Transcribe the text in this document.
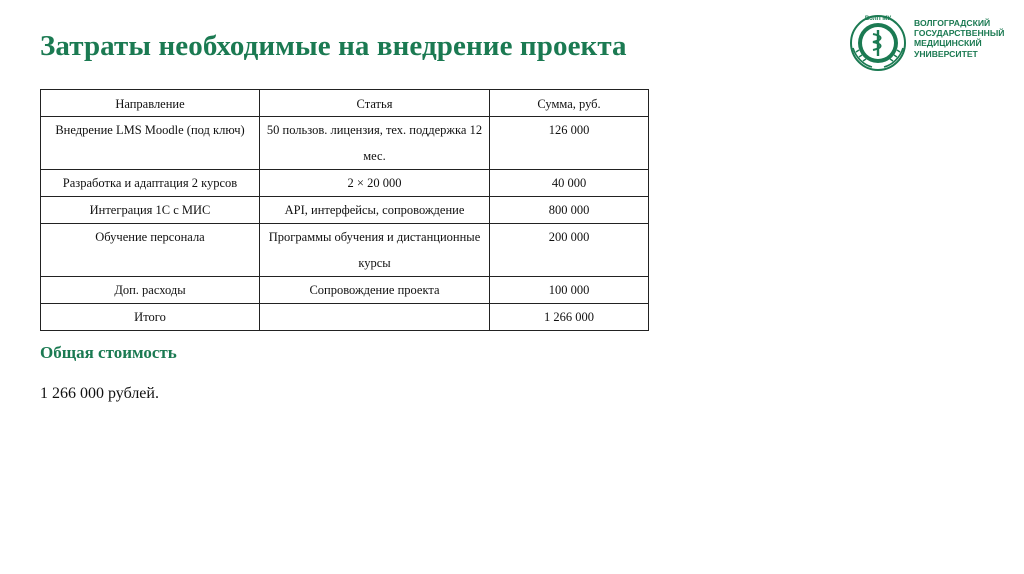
Затраты необходимые на внедрение проекта
ВолгГМУ	ВОЛГОГРАДСКИЙ
ГОСУДАРСТВЕННЫЙ
МЕДИЦИНСКИЙ
УНИВЕРСИТЕТ
Направление	Статья	Сумма, руб.
Внедрение LMS Moodle (под ключ)	50 пользов. лицензия, тех. поддержка 12 мес.	126 000
Разработка и адаптация 2 курсов	2 × 20 000	40 000
Интеграция 1С с МИС	API, интерфейсы, сопровождение	800 000
Обучение персонала	Программы обучения и дистанционные курсы	200 000
Доп. расходы	Сопровождение проекта	100 000
Итого		1 266 000
Общая стоимость

1 266 000 рублей.
